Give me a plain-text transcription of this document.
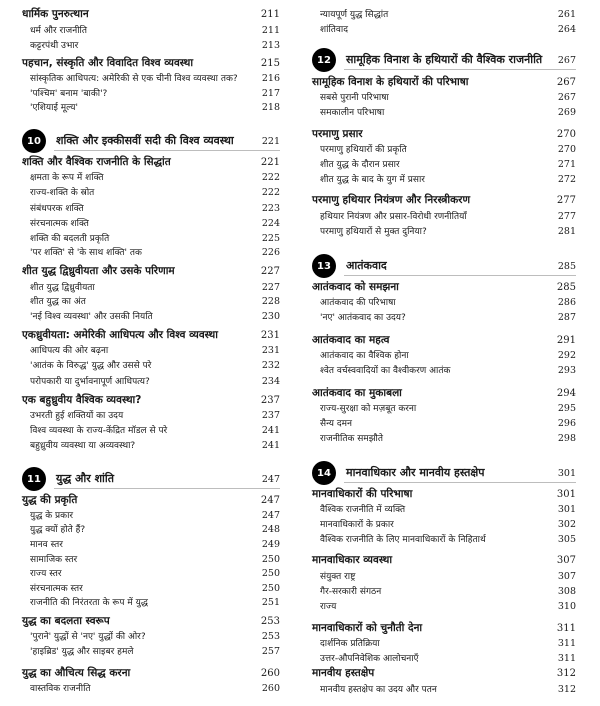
धार्मिक पुनरुत्थान	211
धर्म और राजनीति	211
कट्टरपंथी उभार	213
पहचान, संस्कृति और विवादित विश्व व्यवस्था	215
सांस्कृतिक आधिपत्य: अमेरिकी से एक चीनी विश्व व्यवस्था तक?	216
'पश्चिम' बनाम 'बाकी'?	217
'एशियाई मूल्य'	218
10	शक्ति और इक्कीसवीं सदी की विश्व व्यवस्था	221
शक्ति और वैश्विक राजनीति के सिद्धांत	221
क्षमता के रूप में शक्ति	222
राज्य-शक्ति के स्रोत	222
संबंधपरक शक्ति	223
संरचनात्मक शक्ति	224
शक्ति की बदलती प्रकृति	225
'पर शक्ति' से 'के साथ शक्ति' तक	226
शीत युद्ध द्विध्रुवीयता और उसके परिणाम	227
शीत युद्ध द्विध्रुवीयता	227
शीत युद्ध का अंत	228
'नई विश्व व्यवस्था' और उसकी नियति	230
एकध्रुवीयता: अमेरिकी आधिपत्य और विश्व व्यवस्था	231
आधिपत्य की ओर बढ़ना	231
'आतंक के विरुद्ध' युद्ध और उससे परे	232
परोपकारी या दुर्भावनापूर्ण आधिपत्य?	234
एक बहुध्रुवीय वैश्विक व्यवस्था?	237
उभरती हुई शक्तियों का उदय	237
विश्व व्यवस्था के राज्य-केंद्रित मॉडल से परे	241
बहुध्रुवीय व्यवस्था या अव्यवस्था?	241
11	युद्ध और शांति	247
युद्ध की प्रकृति	247
युद्ध के प्रकार	247
युद्ध क्यों होते हैं?	248
मानव स्तर	249
सामाजिक स्तर	250
राज्य स्तर	250
संरचनात्मक स्तर	250
राजनीति की निरंतरता के रूप में युद्ध	251
युद्ध का बदलता स्वरूप	253
'पुराने' युद्धों से 'नए' युद्धों की ओर?	253
'हाइब्रिड' युद्ध और साइबर हमले	257
युद्ध का औचित्य सिद्ध करना	260
वास्तविक राजनीति	260
न्यायपूर्ण युद्ध सिद्धांत	261
शांतिवाद	264
12	सामूहिक विनाश के हथियारों की वैश्विक राजनीति 267
सामूहिक विनाश के हथियारों की परिभाषा	267
सबसे पुरानी परिभाषा	267
समकालीन परिभाषा	269
परमाणु प्रसार	270
परमाणु हथियारों की प्रकृति	270
शीत युद्ध के दौरान प्रसार	271
शीत युद्ध के बाद के युग में प्रसार	272
परमाणु हथियार नियंत्रण और निरस्त्रीकरण	277
हथियार नियंत्रण और प्रसार-विरोधी रणनीतियाँ	277
परमाणु हथियारों से मुक्त दुनिया?	281
13	आतंकवाद	285
आतंकवाद को समझना	285
आतंकवाद की परिभाषा	286
'नए' आतंकवाद का उदय?	287
आतंकवाद का महत्व	291
आतंकवाद का वैश्विक होना	292
श्वेत वर्चस्ववादियों का वैश्वीकरण आतंक	293
आतंकवाद का मुकाबला	294
राज्य-सुरक्षा को मज़बूत करना	295
सैन्य दमन	296
राजनीतिक समझौते	298
14	मानवाधिकार और मानवीय हस्तक्षेप	301
मानवाधिकारों की परिभाषा	301
वैश्विक राजनीति में व्यक्ति	301
मानवाधिकारों के प्रकार	302
वैश्विक राजनीति के लिए मानवाधिकारों के निहितार्थ	305
मानवाधिकार व्यवस्था	307
संयुक्त राष्ट्र	307
गैर-सरकारी संगठन	308
राज्य	310
मानवाधिकारों को चुनौती देना	311
दार्शनिक प्रतिक्रिया	311
उत्तर-औपनिवेशिक आलोचनाएँ	311
मानवीय हस्तक्षेप	312
मानवीय हस्तक्षेप का उदय और पतन	312
